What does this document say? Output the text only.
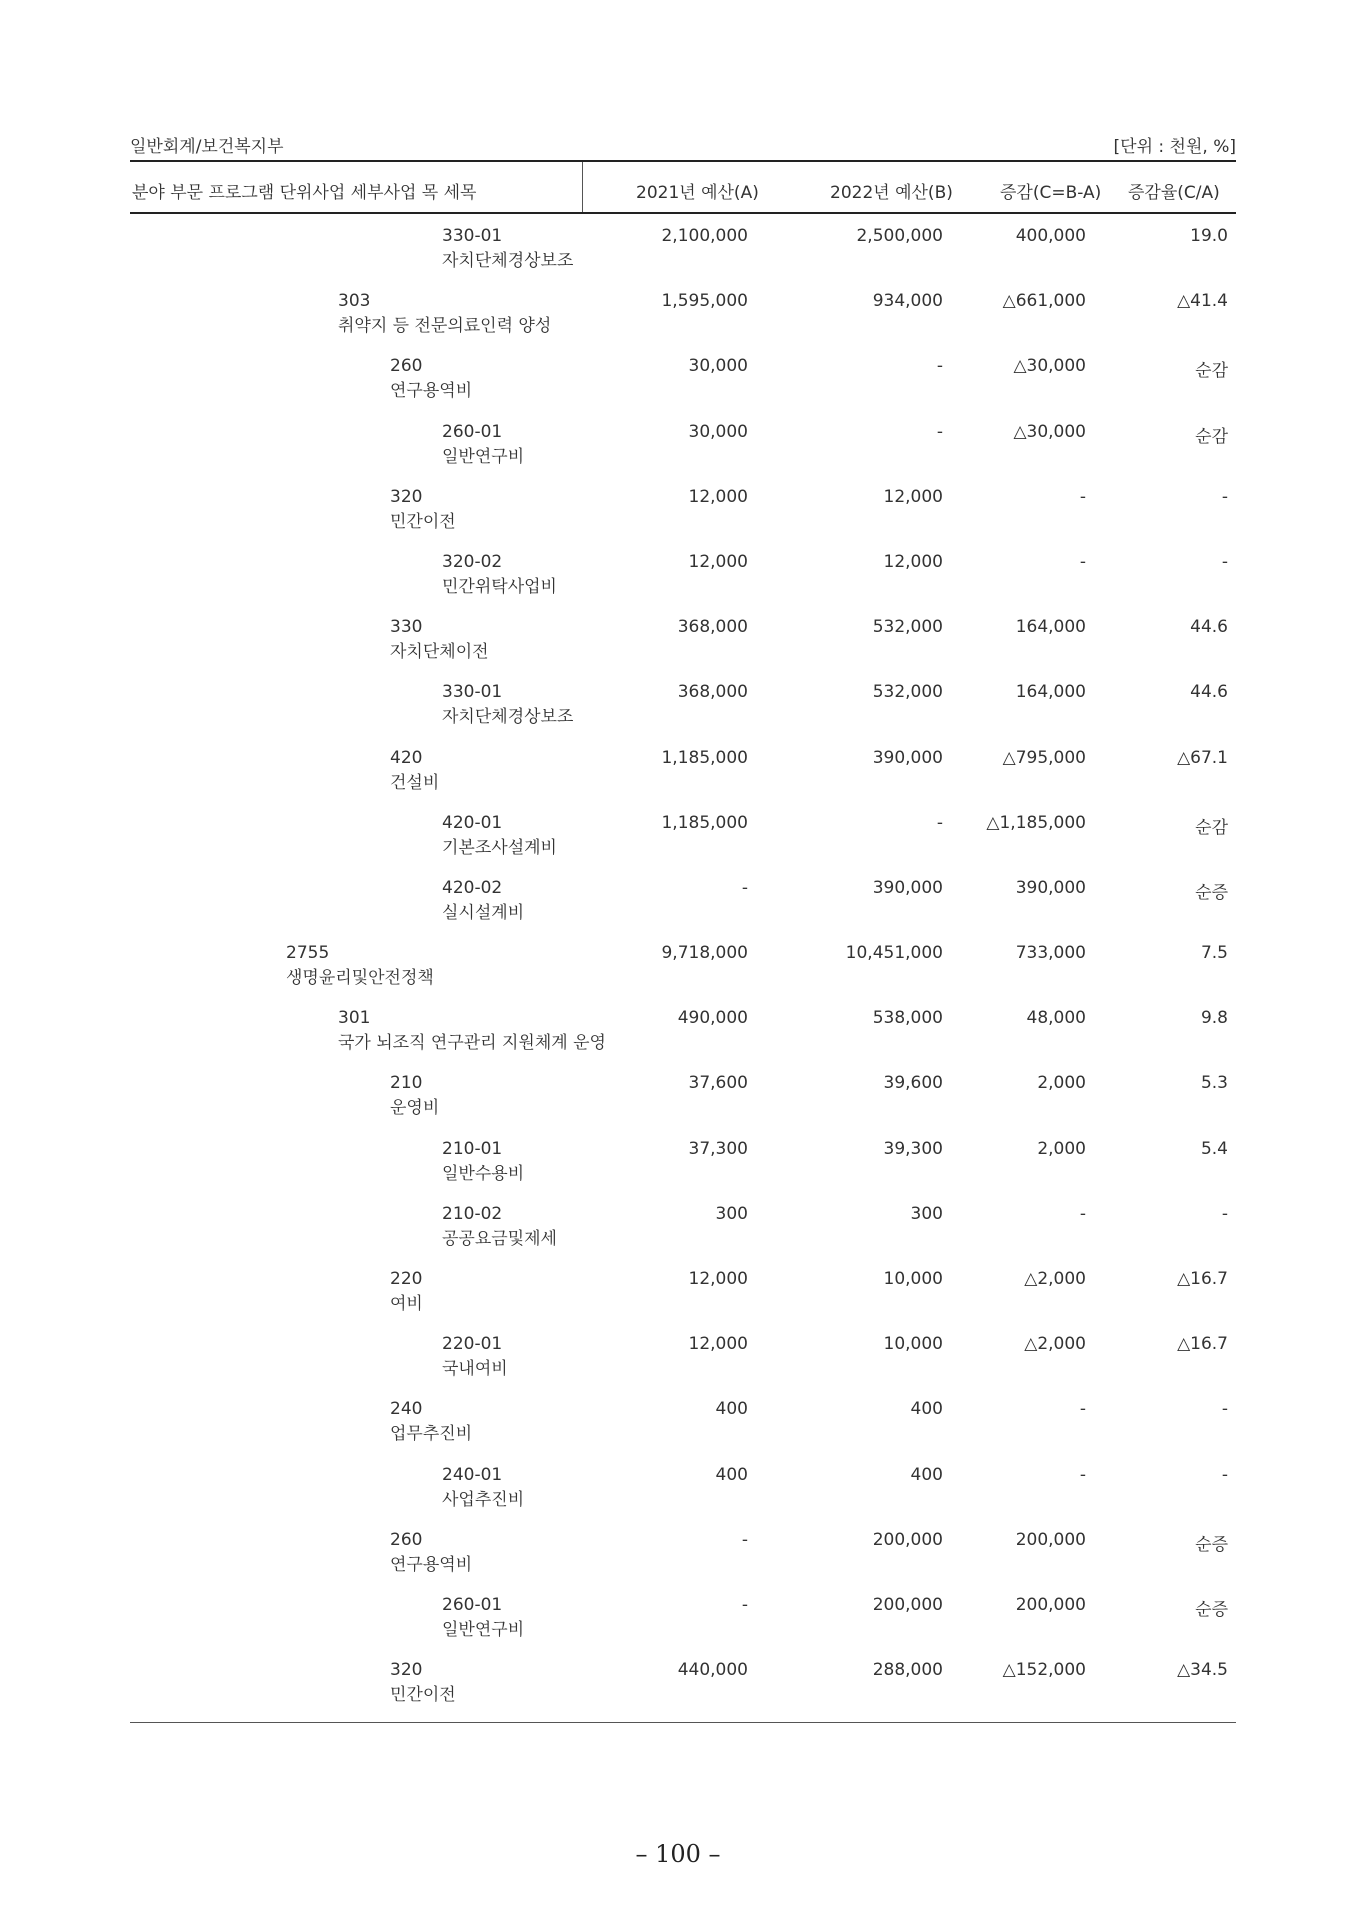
일반회계/보건복지부	[단위 : 천원, %]
분야 부문 프로그램 단위사업 세부사업 목 세목	2021년 예산(A)	2022년 예산(B)	증감(C=B-A) 증감율(C/A)
330-01
자치단체경상보조
2,100,000	2,500,000	400,000	19.0
303
취약지 등 전문의료인력 양성
1,595,000	934,000	△661,000	△41.4
260
연구용역비
30,000	-	△30,000	순감
260-01
일반연구비
30,000	-	△30,000	순감
320
민간이전
12,000	12,000	-	-
320-02
민간위탁사업비
12,000	12,000	-	-
330
자치단체이전
368,000	532,000	164,000	44.6
330-01
자치단체경상보조
368,000	532,000	164,000	44.6
420
건설비
1,185,000	390,000	△795,000	△67.1
420-01
기본조사설계비
1,185,000	-	△1,185,000	순감
420-02
실시설계비
-	390,000	390,000	순증
2755
생명윤리및안전정책
9,718,000	10,451,000	733,000	7.5
301
국가 뇌조직 연구관리 지원체계 운영
490,000	538,000	48,000	9.8
210
운영비
37,600	39,600	2,000	5.3
210-01
일반수용비
37,300	39,300	2,000	5.4
210-02
공공요금및제세
300	300	-	-
220
여비
12,000	10,000	△2,000	△16.7
220-01
국내여비
12,000	10,000	△2,000	△16.7
240
업무추진비
400	400	-	-
240-01
사업추진비
400	400	-	-
260
연구용역비
-	200,000	200,000	순증
260-01
일반연구비
-	200,000	200,000	순증
320
민간이전
440,000	288,000	△152,000	△34.5
– 100 –
